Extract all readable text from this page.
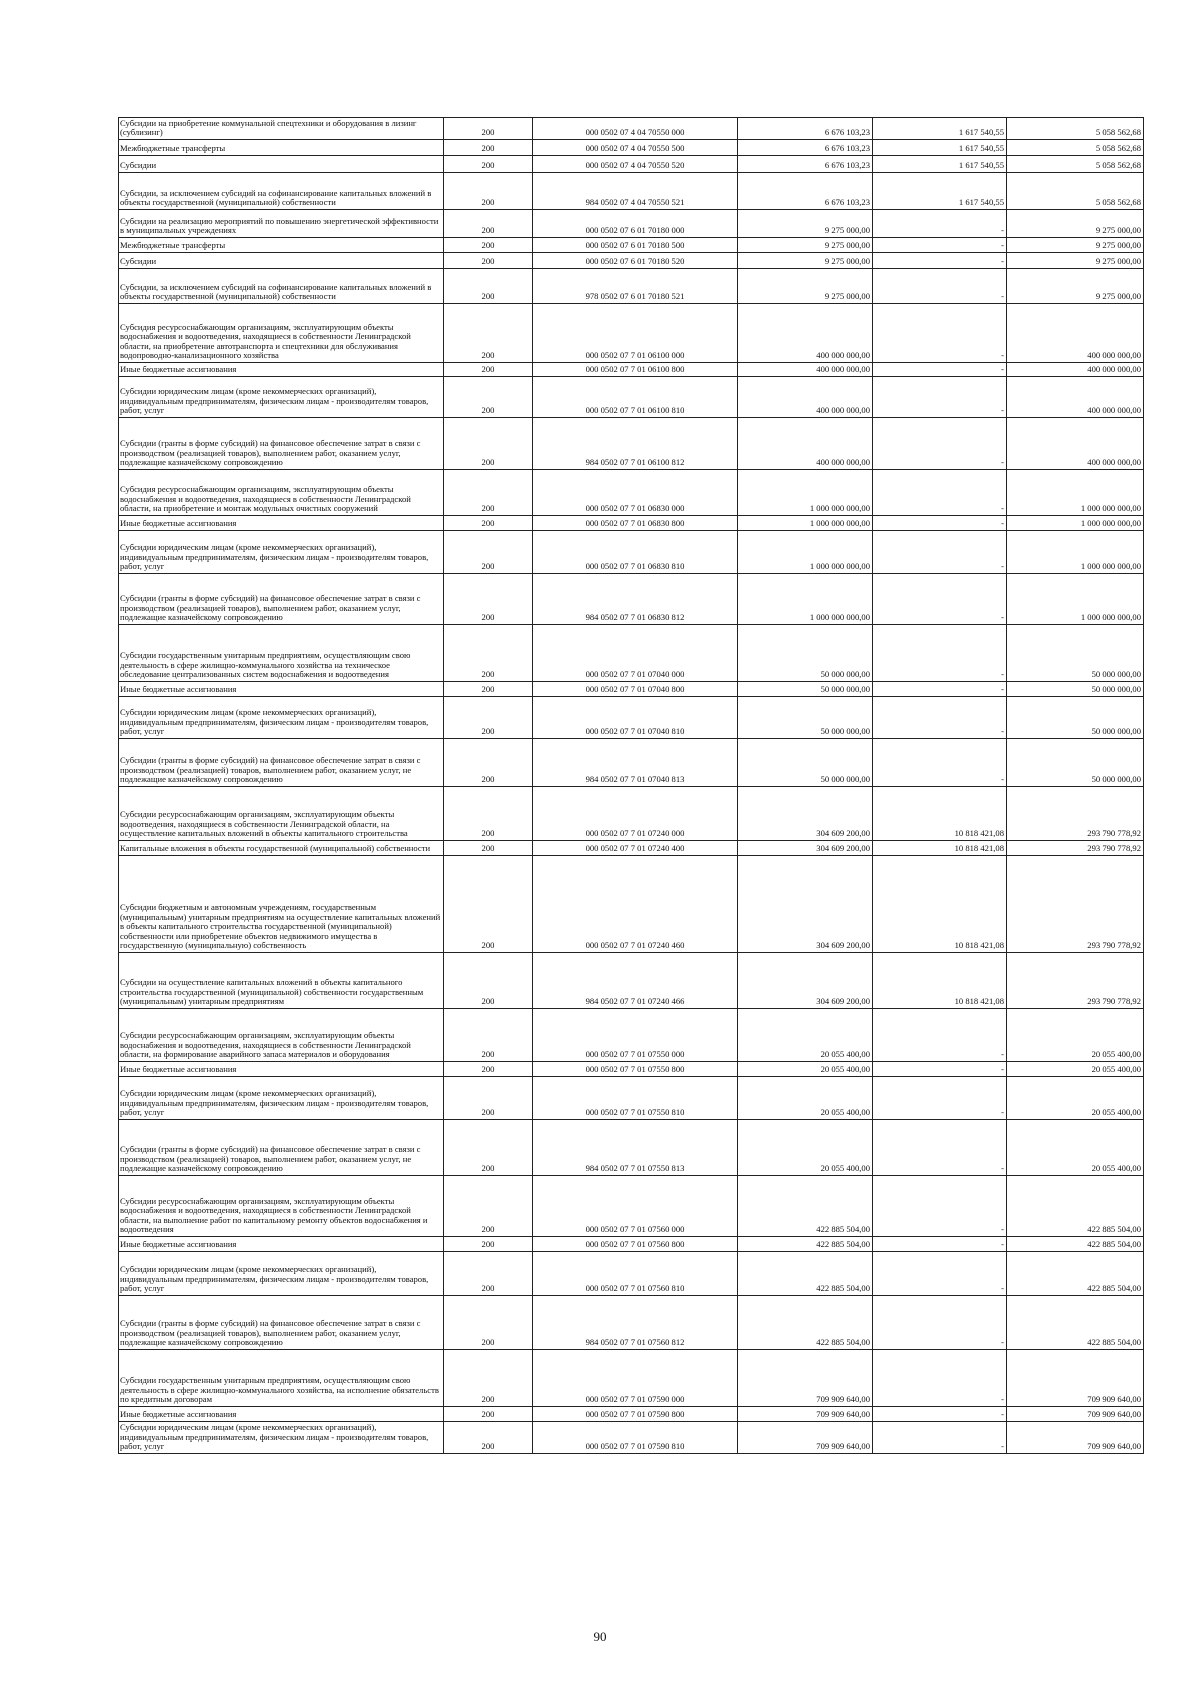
Субсидии на приобретение коммунальной спецтехники и оборудования в лизинг (сублизинг)	200	000 0502 07 4 04 70550 000	6 676 103,23	1 617 540,55	5 058 562,68
Межбюджетные трансферты	200	000 0502 07 4 04 70550 500	6 676 103,23	1 617 540,55	5 058 562,68
Субсидии	200	000 0502 07 4 04 70550 520	6 676 103,23	1 617 540,55	5 058 562,68
Субсидии, за исключением субсидий на софинансирование капитальных вложений в объекты государственной (муниципальной) собственности	200	984 0502 07 4 04 70550 521	6 676 103,23	1 617 540,55	5 058 562,68
Субсидии на реализацию мероприятий по повышению энергетической эффективности в муниципальных учреждениях	200	000 0502 07 6 01 70180 000	9 275 000,00	-	9 275 000,00
Межбюджетные трансферты	200	000 0502 07 6 01 70180 500	9 275 000,00	-	9 275 000,00
Субсидии	200	000 0502 07 6 01 70180 520	9 275 000,00	-	9 275 000,00
Субсидии, за исключением субсидий на софинансирование капитальных вложений в объекты государственной (муниципальной) собственности	200	978 0502 07 6 01 70180 521	9 275 000,00	-	9 275 000,00
Субсидия ресурсоснабжающим организациям, эксплуатирующим объекты водоснабжения и водоотведения, находящиеся в собственности Ленинградской области, на приобретение автотранспорта и спецтехники для обслуживания водопроводно-канализационного хозяйства	200	000 0502 07 7 01 06100 000	400 000 000,00	-	400 000 000,00
Иные бюджетные ассигнования	200	000 0502 07 7 01 06100 800	400 000 000,00	-	400 000 000,00
Субсидии юридическим лицам (кроме некоммерческих организаций), индивидуальным предпринимателям, физическим лицам - производителям товаров, работ, услуг	200	000 0502 07 7 01 06100 810	400 000 000,00	-	400 000 000,00
Субсидии (гранты в форме субсидий) на финансовое обеспечение затрат в связи с производством (реализацией товаров), выполнением работ, оказанием услуг, подлежащие казначейскому сопровождению	200	984 0502 07 7 01 06100 812	400 000 000,00	-	400 000 000,00
Субсидия ресурсоснабжающим организациям, эксплуатирующим объекты водоснабжения и водоотведения, находящиеся в собственности Ленинградской области, на приобретение и монтаж модульных очистных сооружений	200	000 0502 07 7 01 06830 000	1 000 000 000,00	-	1 000 000 000,00
Иные бюджетные ассигнования	200	000 0502 07 7 01 06830 800	1 000 000 000,00	-	1 000 000 000,00
Субсидии юридическим лицам (кроме некоммерческих организаций), индивидуальным предпринимателям, физическим лицам - производителям товаров, работ, услуг	200	000 0502 07 7 01 06830 810	1 000 000 000,00	-	1 000 000 000,00
Субсидии (гранты в форме субсидий) на финансовое обеспечение затрат в связи с производством (реализацией товаров), выполнением работ, оказанием услуг, подлежащие казначейскому сопровождению	200	984 0502 07 7 01 06830 812	1 000 000 000,00	-	1 000 000 000,00
Субсидии государственным унитарным предприятиям, осуществляющим свою деятельность в сфере жилищно-коммунального хозяйства на техническое обследование централизованных систем водоснабжения и водоотведения	200	000 0502 07 7 01 07040 000	50 000 000,00	-	50 000 000,00
Иные бюджетные ассигнования	200	000 0502 07 7 01 07040 800	50 000 000,00	-	50 000 000,00
Субсидии юридическим лицам (кроме некоммерческих организаций), индивидуальным предпринимателям, физическим лицам - производителям товаров, работ, услуг	200	000 0502 07 7 01 07040 810	50 000 000,00	-	50 000 000,00
Субсидии (гранты в форме субсидий) на финансовое обеспечение затрат в связи с производством (реализацией) товаров, выполнением работ, оказанием услуг, не подлежащие казначейскому сопровождению	200	984 0502 07 7 01 07040 813	50 000 000,00	-	50 000 000,00
Субсидии ресурсоснабжающим организациям, эксплуатирующим объекты водоотведения, находящиеся в собственности Ленинградской области, на осуществление капитальных вложений в объекты капитального строительства	200	000 0502 07 7 01 07240 000	304 609 200,00	10 818 421,08	293 790 778,92
Капитальные вложения в объекты государственной (муниципальной) собственности	200	000 0502 07 7 01 07240 400	304 609 200,00	10 818 421,08	293 790 778,92
Субсидии бюджетным и автономным учреждениям, государственным (муниципальным) унитарным предприятиям на осуществление капитальных вложений в объекты капитального строительства государственной (муниципальной) собственности или приобретение объектов недвижимого имущества в государственную (муниципальную) собственность	200	000 0502 07 7 01 07240 460	304 609 200,00	10 818 421,08	293 790 778,92
Субсидии на осуществление капитальных вложений в объекты капитального строительства государственной (муниципальной) собственности государственным (муниципальным) унитарным предприятиям	200	984 0502 07 7 01 07240 466	304 609 200,00	10 818 421,08	293 790 778,92
Субсидии ресурсоснабжающим организациям, эксплуатирующим объекты водоснабжения и водоотведения, находящиеся в собственности Ленинградской области, на формирование аварийного запаса материалов и оборудования	200	000 0502 07 7 01 07550 000	20 055 400,00	-	20 055 400,00
Иные бюджетные ассигнования	200	000 0502 07 7 01 07550 800	20 055 400,00	-	20 055 400,00
Субсидии юридическим лицам (кроме некоммерческих организаций), индивидуальным предпринимателям, физическим лицам - производителям товаров, работ, услуг	200	000 0502 07 7 01 07550 810	20 055 400,00	-	20 055 400,00
Субсидии (гранты в форме субсидий) на финансовое обеспечение затрат в связи с производством (реализацией) товаров, выполнением работ, оказанием услуг, не подлежащие казначейскому сопровождению	200	984 0502 07 7 01 07550 813	20 055 400,00	-	20 055 400,00
Субсидии ресурсоснабжающим организациям, эксплуатирующим объекты водоснабжения и водоотведения, находящиеся в собственности Ленинградской области, на выполнение работ по капитальному ремонту объектов водоснабжения и водоотведения	200	000 0502 07 7 01 07560 000	422 885 504,00	-	422 885 504,00
Иные бюджетные ассигнования	200	000 0502 07 7 01 07560 800	422 885 504,00	-	422 885 504,00
Субсидии юридическим лицам (кроме некоммерческих организаций), индивидуальным предпринимателям, физическим лицам - производителям товаров, работ, услуг	200	000 0502 07 7 01 07560 810	422 885 504,00	-	422 885 504,00
Субсидии (гранты в форме субсидий) на финансовое обеспечение затрат в связи с производством (реализацией товаров), выполнением работ, оказанием услуг, подлежащие казначейскому сопровождению	200	984 0502 07 7 01 07560 812	422 885 504,00	-	422 885 504,00
Субсидии государственным унитарным предприятиям, осуществляющим свою деятельность в сфере жилищно-коммунального хозяйства, на исполнение обязательств по кредитным договорам	200	000 0502 07 7 01 07590 000	709 909 640,00	-	709 909 640,00
Иные бюджетные ассигнования	200	000 0502 07 7 01 07590 800	709 909 640,00	-	709 909 640,00
Субсидии юридическим лицам (кроме некоммерческих организаций), индивидуальным предпринимателям, физическим лицам - производителям товаров, работ, услуг	200	000 0502 07 7 01 07590 810	709 909 640,00	-	709 909 640,00
90
